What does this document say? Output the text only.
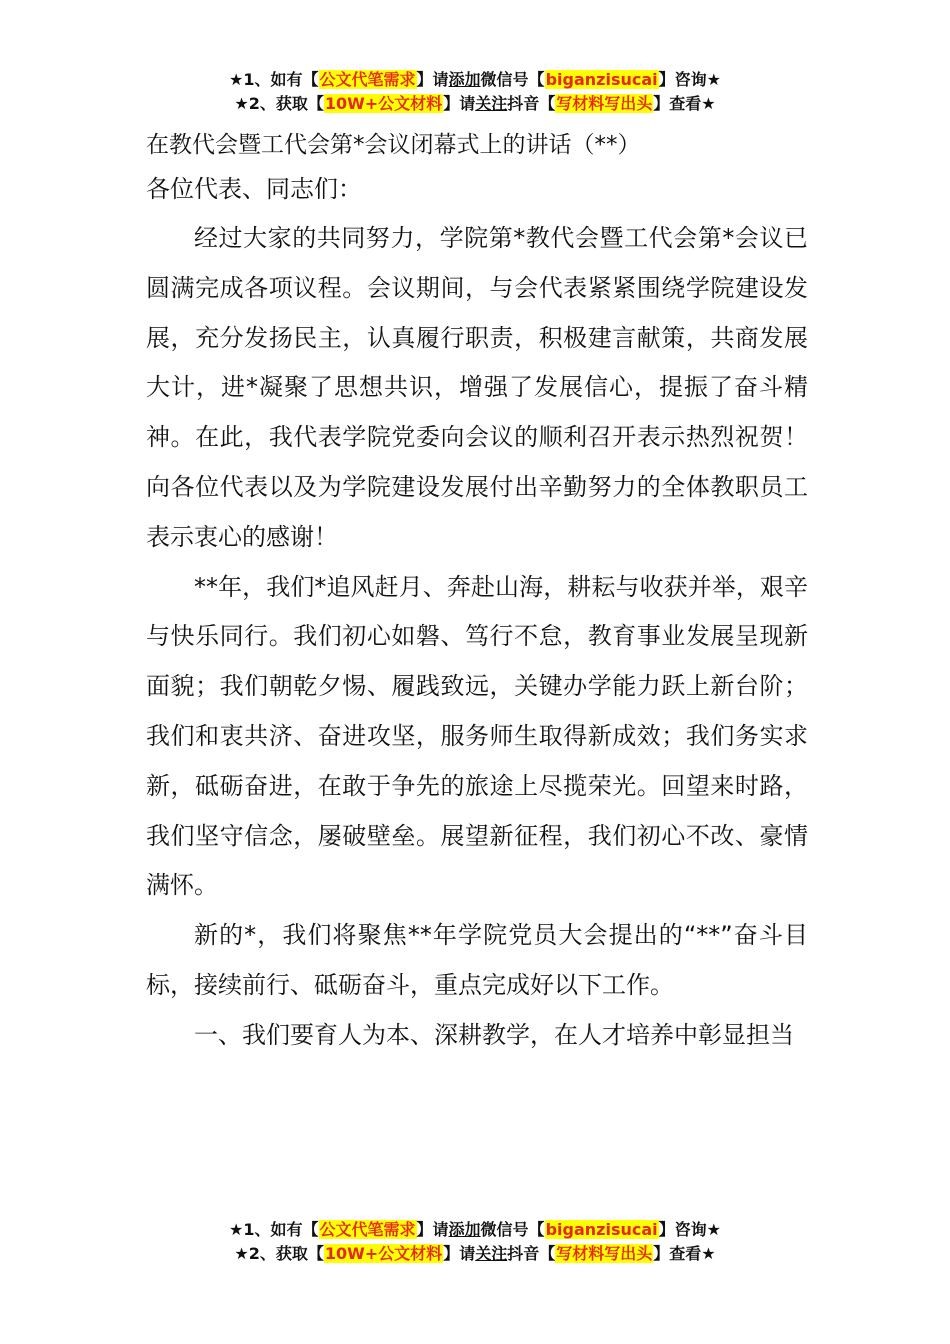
★1、如有【公文代笔需求】请添加微信号【biganzisucai】咨询★
★2、获取【10W+公文材料】请关注抖音【写材料写出头】查看★

在教代会暨工代会第*会议闭幕式上的讲话（**）

各位代表、同志们：

经过大家的共同努力，学院第*教代会暨工代会第*会议已圆满完成各项议程。会议期间，与会代表紧紧围绕学院建设发展，充分发扬民主，认真履行职责，积极建言献策，共商发展大计，进*凝聚了思想共识，增强了发展信心，提振了奋斗精神。在此，我代表学院党委向会议的顺利召开表示热烈祝贺！向各位代表以及为学院建设发展付出辛勤努力的全体教职员工表示衷心的感谢！

**年，我们*追风赶月、奔赴山海，耕耘与收获并举，艰辛与快乐同行。我们初心如磐、笃行不怠，教育事业发展呈现新面貌；我们朝乾夕惕、履践致远，关键办学能力跃上新台阶；我们和衷共济、奋进攻坚，服务师生取得新成效；我们务实求新，砥砺奋进，在敢于争先的旅途上尽揽荣光。回望来时路，我们坚守信念，屡破壁垒。展望新征程，我们初心不改、豪情满怀。

新的*，我们将聚焦**年学院党员大会提出的“**”奋斗目标，接续前行、砥砺奋斗，重点完成好以下工作。

一、我们要育人为本、深耕教学，在人才培养中彰显担当

★1、如有【公文代笔需求】请添加微信号【biganzisucai】咨询★
★2、获取【10W+公文材料】请关注抖音【写材料写出头】查看★
